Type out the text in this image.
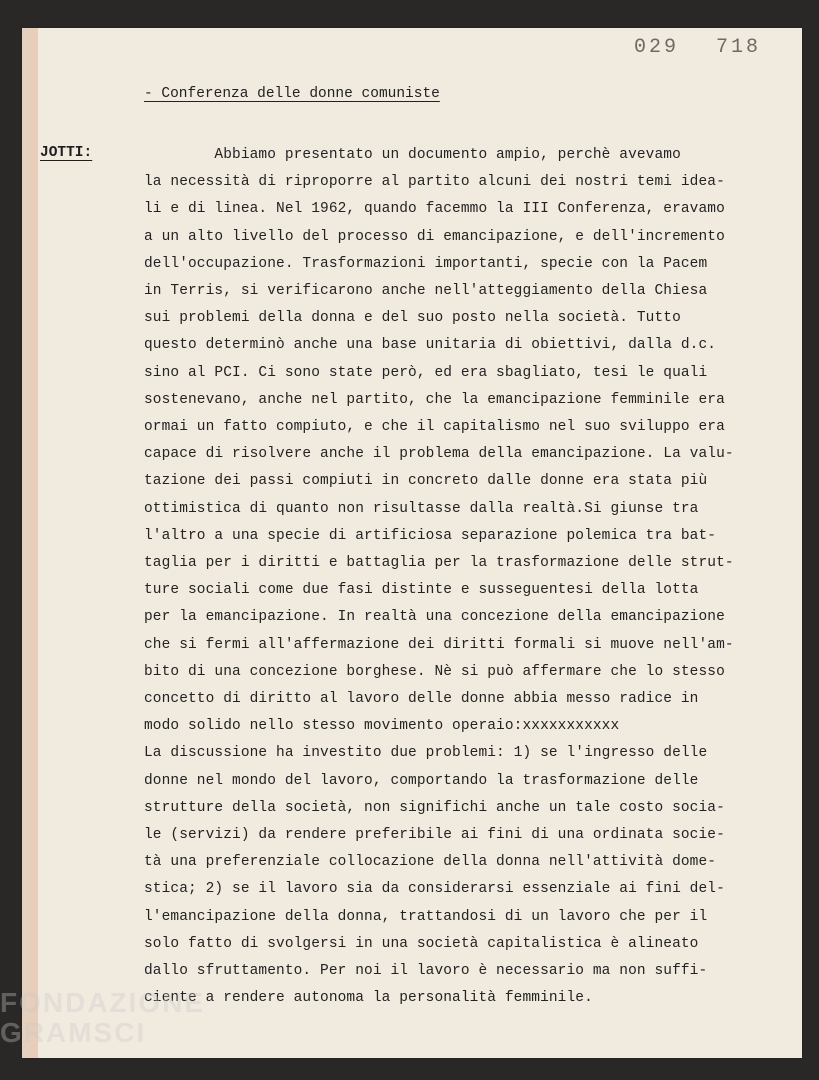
029 718
- Conferenza delle donne comuniste
JOTTI:	Abbiamo presentato un documento ampio, perchè avevamo
la necessità di riproporre al partito alcuni dei nostri temi idea-
li e di linea. Nel 1962, quando facemmo la III Conferenza, eravamo
a un alto livello del processo di emancipazione, e dell'incremento
dell'occupazione. Trasformazioni importanti, specie con la Pacem
in Terris, si verificarono anche nell'atteggiamento della Chiesa
sui problemi della donna e del suo posto nella società. Tutto
questo determinò anche una base unitaria di obiettivi, dalla d.c.
sino al PCI. Ci sono state però, ed era sbagliato, tesi le quali
sostenevano, anche nel partito, che la emancipazione femminile era
ormai un fatto compiuto, e che il capitalismo nel suo sviluppo era
capace di risolvere anche il problema della emancipazione. La valu-
tazione dei passi compiuti in concreto dalle donne era stata più
ottimistica di quanto non risultasse dalla realtà.Si giunse tra
l'altro a una specie di artificiosa separazione polemica tra bat-
taglia per i diritti e battaglia per la trasformazione delle strut-
ture sociali come due fasi distinte e susseguentesi della lotta
per la emancipazione. In realtà una concezione della emancipazione
che si fermi all'affermazione dei diritti formali si muove nell'am-
bito di una concezione borghese. Nè si può affermare che lo stesso
concetto di diritto al lavoro delle donne abbia messo radice in
modo solido nello stesso movimento operaio:xxxxxxxxxxx
La discussione ha investito due problemi: 1) se l'ingresso delle
donne nel mondo del lavoro, comportando la trasformazione delle
strutture della società, non significhi anche un tale costo socia-
le (servizi) da rendere preferibile ai fini di una ordinata socie-
tà una preferenziale collocazione della donna nell'attività dome-
stica; 2) se il lavoro sia da considerarsi essenziale ai fini del-
l'emancipazione della donna, trattandosi di un lavoro che per il
solo fatto di svolgersi in una società capitalistica è alineato
dallo sfruttamento. Per noi il lavoro è necessario ma non suffi-
ciente a rendere autonoma la personalità femminile.
FONDAZIONE
GRAMSCI
